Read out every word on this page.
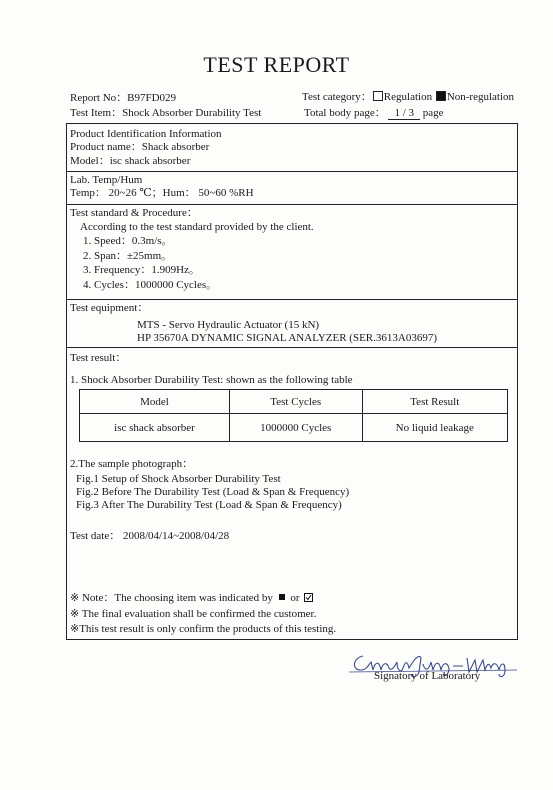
TEST REPORT
Report No：B97FD029
Test Item：Shock Absorber Durability Test
Test category： Regulation Non-regulation
Total body page： 1 / 3 page
Product Identification Information
Product name：Shack absorber
Model：isc shack absorber
Lab. Temp/Hum
Temp： 20~26 ℃；Hum： 50~60 %RH
Test standard & Procedure：
According to the test standard provided by the client.
1. Speed：0.3m/s。
2. Span：±25mm。
3. Frequency：1.909Hz。
4. Cycles：1000000 Cycles。
Test equipment：
MTS - Servo Hydraulic Actuator (15 kN)
HP 35670A DYNAMIC SIGNAL ANALYZER (SER.3613A03697)
Test result：
1. Shock Absorber Durability Test: shown as the following table
Model	Test Cycles	Test Result
isc shack absorber	1000000 Cycles	No liquid leakage
2.The sample photograph：
Fig.1 Setup of Shock Absorber Durability Test
Fig.2 Before The Durability Test (Load & Span & Frequency)
Fig.3 After The Durability Test (Load & Span & Frequency)
Test date： 2008/04/14~2008/04/28
※ Note：The choosing item was indicated by or
※ The final evaluation shall be confirmed the customer.
※This test result is only confirm the products of this testing.
Signatory of Laboratory
